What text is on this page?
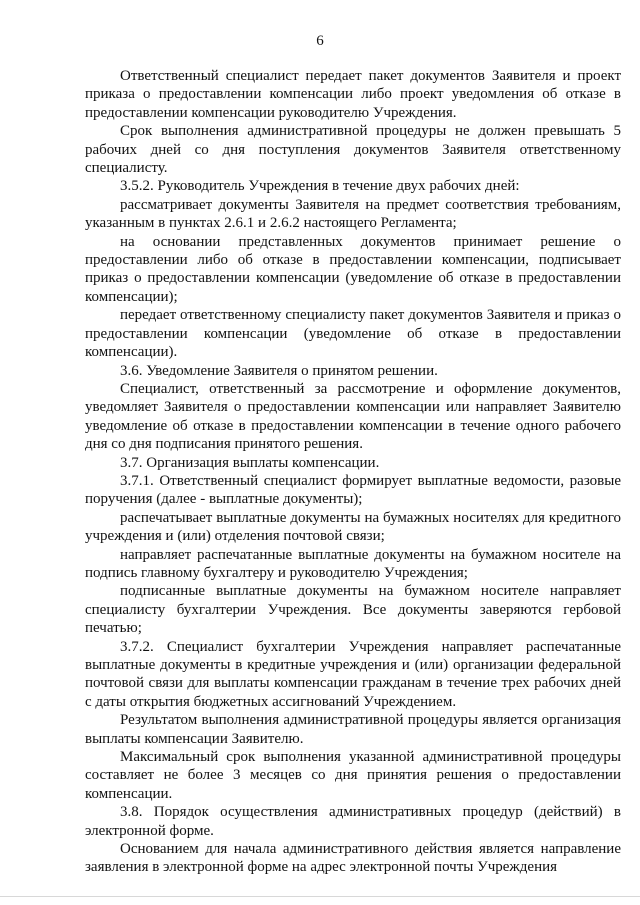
6

Ответственный специалист передает пакет документов Заявителя и проект приказа о предоставлении компенсации либо проект уведомления об отказе в предоставлении компенсации руководителю Учреждения.

Срок выполнения административной процедуры не должен превышать 5 рабочих дней со дня поступления документов Заявителя ответственному специалисту.

3.5.2. Руководитель Учреждения в течение двух рабочих дней:

рассматривает документы Заявителя на предмет соответствия требованиям, указанным в пунктах 2.6.1 и 2.6.2 настоящего Регламента;

на основании представленных документов принимает решение о предоставлении либо об отказе в предоставлении компенсации, подписывает приказ о предоставлении компенсации (уведомление об отказе в предоставлении компенсации);

передает ответственному специалисту пакет документов Заявителя и приказ о предоставлении компенсации (уведомление об отказе в предоставлении компенсации).

3.6. Уведомление Заявителя о принятом решении.

Специалист, ответственный за рассмотрение и оформление документов, уведомляет Заявителя о предоставлении компенсации или направляет Заявителю уведомление об отказе в предоставлении компенсации в течение одного рабочего дня со дня подписания принятого решения.

3.7. Организация выплаты компенсации.

3.7.1. Ответственный специалист формирует выплатные ведомости, разовые поручения (далее - выплатные документы);

распечатывает выплатные документы на бумажных носителях для кредитного учреждения и (или) отделения почтовой связи;

направляет распечатанные выплатные документы на бумажном носителе на подпись главному бухгалтеру и руководителю Учреждения;

подписанные выплатные документы на бумажном носителе направляет специалисту бухгалтерии Учреждения. Все документы заверяются гербовой печатью;

3.7.2. Специалист бухгалтерии Учреждения направляет распечатанные выплатные документы в кредитные учреждения и (или) организации федеральной почтовой связи для выплаты компенсации гражданам в течение трех рабочих дней с даты открытия бюджетных ассигнований Учреждением.

Результатом выполнения административной процедуры является организация выплаты компенсации Заявителю.

Максимальный срок выполнения указанной административной процедуры составляет не более 3 месяцев со дня принятия решения о предоставлении компенсации.

3.8. Порядок осуществления административных процедур (действий) в электронной форме.

Основанием для начала административного действия является направление заявления в электронной форме на адрес электронной почты Учреждения
